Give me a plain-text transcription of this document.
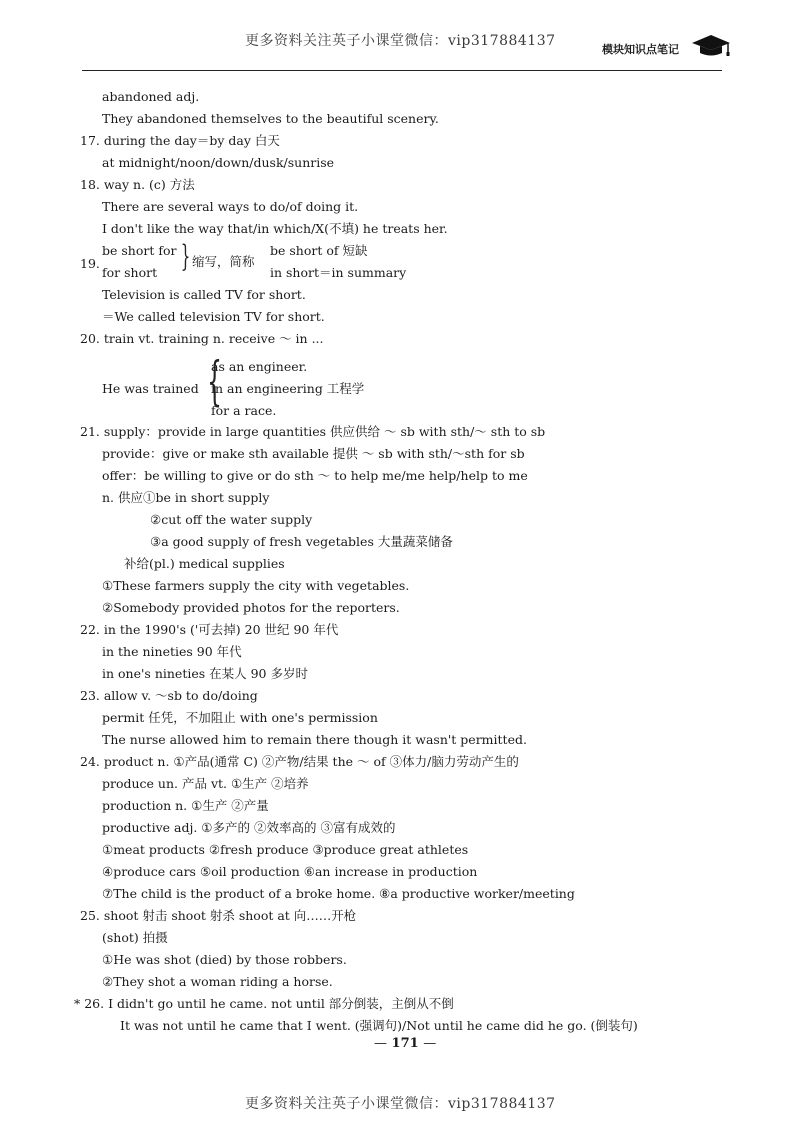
更多资料关注英子小课堂微信：vip317884137
模块知识点笔记
abandoned adj.
They abandoned themselves to the beautiful scenery.
17. during the day＝by day 白天
at midnight/noon/down/dusk/sunrise
18. way n. (c) 方法
There are several ways to do/of doing it.
I don't like the way that/in which/X(不填) he treats her.
be short for } 缩写，简称
be short of 短缺
19.
for short	in short＝in summary
Television is called TV for short.
＝We called television TV for short.
20. train vt. training n. receive ～ in ...
as an engineer.
{
He was trained in an engineering 工程学
for a race.
21. supply：provide in large quantities 供应供给 ～ sb with sth/～ sth to sb
provide：give or make sth available 提供 ～ sb with sth/～sth for sb
offer：be willing to give or do sth ～ to help me/me help/help to me
n. 供应①be in short supply
②cut off the water supply
③a good supply of fresh vegetables 大量蔬菜储备
补给(pl.) medical supplies
①These farmers supply the city with vegetables.
②Somebody provided photos for the reporters.
22. in the 1990's ('可去掉) 20 世纪 90 年代
in the nineties 90 年代
in one's nineties 在某人 90 多岁时
23. allow v. ～sb to do/doing
permit 任凭，不加阻止 with one's permission
The nurse allowed him to remain there though it wasn't permitted.
24. product n. ①产品(通常 C) ②产物/结果 the ～ of ③体力/脑力劳动产生的
produce un. 产品 vt. ①生产 ②培养
production n. ①生产 ②产量
productive adj. ①多产的 ②效率高的 ③富有成效的
①meat products ②fresh produce ③produce great athletes
④produce cars ⑤oil production ⑥an increase in production
⑦The child is the product of a broke home. ⑧a productive worker/meeting
25. shoot 射击 shoot 射杀 shoot at 向……开枪
(shot) 拍摄
①He was shot (died) by those robbers.
②They shot a woman riding a horse.
* 26. I didn't go until he came. not until 部分倒装，主倒从不倒
It was not until he came that I went. (强调句)/Not until he came did he go. (倒装句)
— 171 —
更多资料关注英子小课堂微信：vip317884137
